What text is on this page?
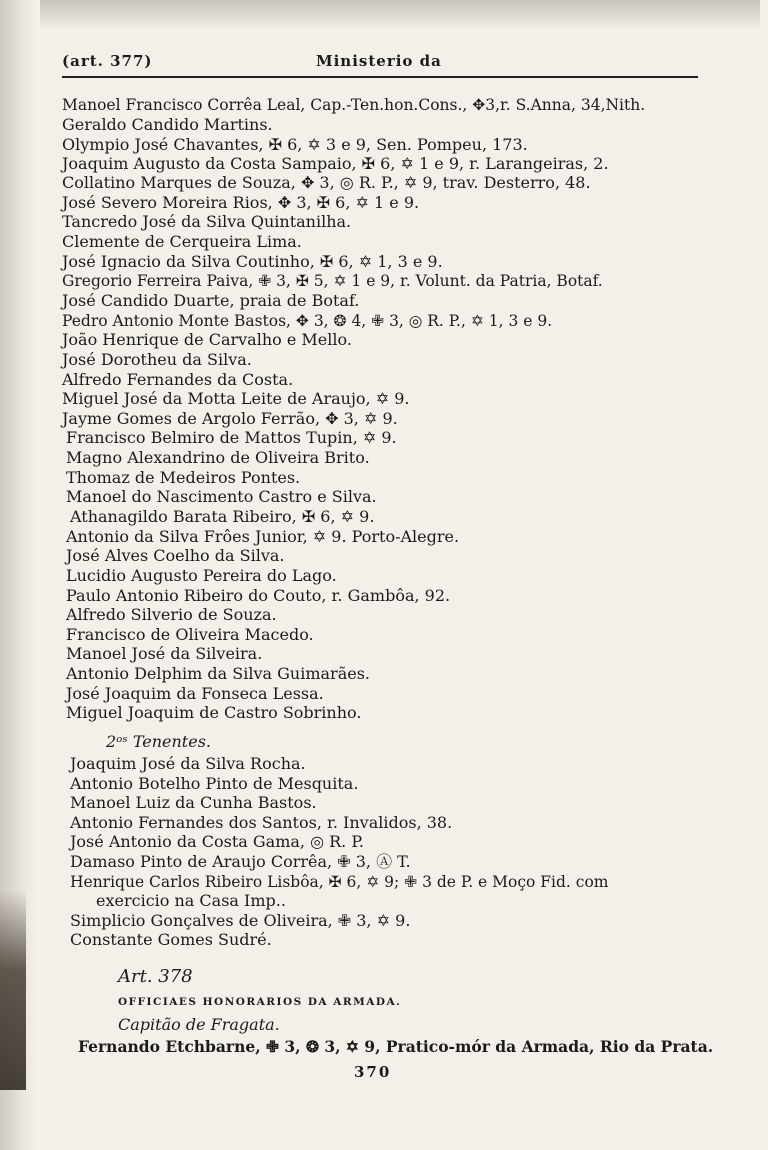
(art. 377)	Ministerio da
Manoel Francisco Corrêa Leal, Cap.-Ten.hon.Cons., ✥3,r. S.Anna, 34,Nith.
Geraldo Candido Martins.
Olympio José Chavantes, ✠ 6, ✡ 3 e 9, Sen. Pompeu, 173.
Joaquim Augusto da Costa Sampaio, ✠ 6, ✡ 1 e 9, r. Larangeiras, 2.
Collatino Marques de Souza, ✥ 3, ◎ R. P., ✡ 9, trav. Desterro, 48.
José Severo Moreira Rios, ✥ 3, ✠ 6, ✡ 1 e 9.
Tancredo José da Silva Quintanilha.
Clemente de Cerqueira Lima.
José Ignacio da Silva Coutinho, ✠ 6, ✡ 1, 3 e 9.
Gregorio Ferreira Paiva, ✙ 3, ✠ 5, ✡ 1 e 9, r. Volunt. da Patria, Botaf.
José Candido Duarte, praia de Botaf.
Pedro Antonio Monte Bastos, ✥ 3, ❂ 4, ✙ 3, ◎ R. P., ✡ 1, 3 e 9.
João Henrique de Carvalho e Mello.
José Dorotheu da Silva.
Alfredo Fernandes da Costa.
Miguel José da Motta Leite de Araujo, ✡ 9.
Jayme Gomes de Argolo Ferrão, ✥ 3, ✡ 9.
Francisco Belmiro de Mattos Tupin, ✡ 9.
Magno Alexandrino de Oliveira Brito.
Thomaz de Medeiros Pontes.
Manoel do Nascimento Castro e Silva.
Athanagildo Barata Ribeiro, ✠ 6, ✡ 9.
Antonio da Silva Frôes Junior, ✡ 9. Porto-Alegre.
José Alves Coelho da Silva.
Lucidio Augusto Pereira do Lago.
Paulo Antonio Ribeiro do Couto, r. Gambôa, 92.
Alfredo Silverio de Souza.
Francisco de Oliveira Macedo.
Manoel José da Silveira.
Antonio Delphim da Silva Guimarães.
José Joaquim da Fonseca Lessa.
Miguel Joaquim de Castro Sobrinho.
2ᵒˢ Tenentes.
Joaquim José da Silva Rocha.
Antonio Botelho Pinto de Mesquita.
Manoel Luiz da Cunha Bastos.
Antonio Fernandes dos Santos, r. Invalidos, 38.
José Antonio da Costa Gama, ◎ R. P.
Damaso Pinto de Araujo Corrêa, ✙ 3, Ⓐ T.
Henrique Carlos Ribeiro Lisbôa, ✠ 6, ✡ 9; ✙ 3 de P. e Moço Fid. com
exercicio na Casa Imp..
Simplicio Gonçalves de Oliveira, ✙ 3, ✡ 9.
Constante Gomes Sudré.
Art. 378
OFFICIAES HONORARIOS DA ARMADA.
Capitão de Fragata.
Fernando Etchbarne, ✙ 3, ❂ 3, ✡ 9, Pratico-mór da Armada, Rio da Prata.
370
